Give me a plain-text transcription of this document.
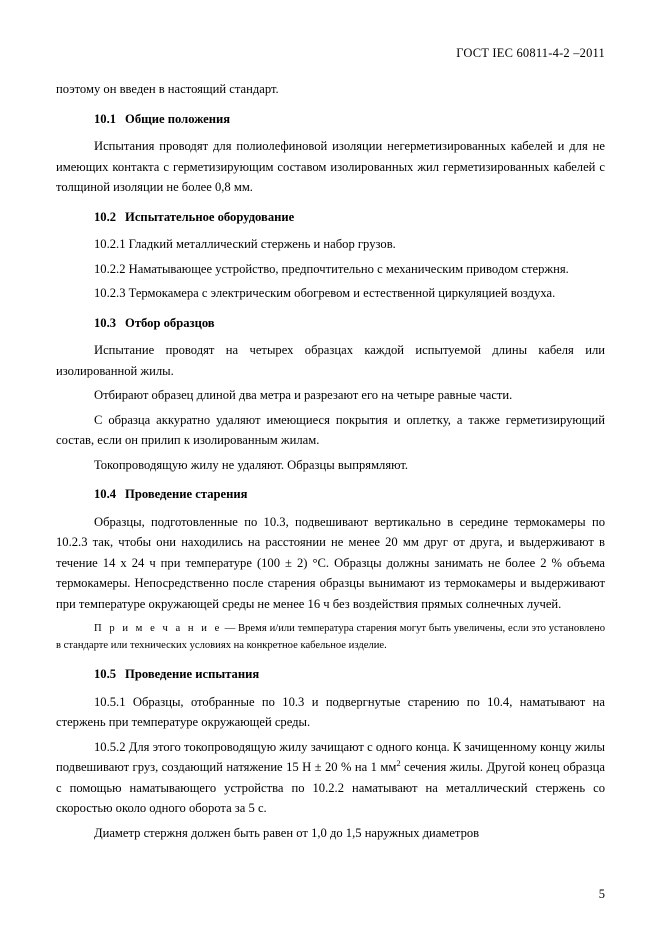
ГОСТ IEC 60811-4-2 –2011

поэтому он введен в настоящий стандарт.

10.1 Общие положения

Испытания проводят для полиолефиновой изоляции негерметизированных кабелей и для не имеющих контакта с герметизирующим составом изолированных жил герметизированных кабелей с толщиной изоляции не более 0,8 мм.

10.2 Испытательное оборудование

10.2.1 Гладкий металлический стержень и набор грузов.

10.2.2 Наматывающее устройство, предпочтительно с механическим приводом стержня.

10.2.3 Термокамера с электрическим обогревом и естественной циркуляцией воздуха.

10.3 Отбор образцов

Испытание проводят на четырех образцах каждой испытуемой длины кабеля или изолированной жилы.

Отбирают образец длиной два метра и разрезают его на четыре равные части.

С образца аккуратно удаляют имеющиеся покрытия и оплетку, а также герметизирующий состав, если он прилип к изолированным жилам.

Токопроводящую жилу не удаляют. Образцы выпрямляют.

10.4 Проведение старения

Образцы, подготовленные по 10.3, подвешивают вертикально в середине термокамеры по 10.2.3 так, чтобы они находились на расстоянии не менее 20 мм друг от друга, и выдерживают в течение 14 х 24 ч при температуре (100 ± 2) °С. Образцы должны занимать не более 2 % объема термокамеры. Непосредственно после старения образцы вынимают из термокамеры и выдерживают при температуре окружающей среды не менее 16 ч без воздействия прямых солнечных лучей.

П р и м е ч а н и е — Время и/или температура старения могут быть увеличены, если это установлено в стандарте или технических условиях на конкретное кабельное изделие.

10.5 Проведение испытания

10.5.1 Образцы, отобранные по 10.3 и подвергнутые старению по 10.4, наматывают на стержень при температуре окружающей среды.

10.5.2 Для этого токопроводящую жилу зачищают с одного конца. К зачищенному концу жилы подвешивают груз, создающий натяжение 15 Н ± 20 % на 1 $мм^2$ сечения жилы. Другой конец образца с помощью наматывающего устройства по 10.2.2 наматывают на металлический стержень со скоростью около одного оборота за 5 с.

Диаметр стержня должен быть равен от 1,0 до 1,5 наружных диаметров

5
